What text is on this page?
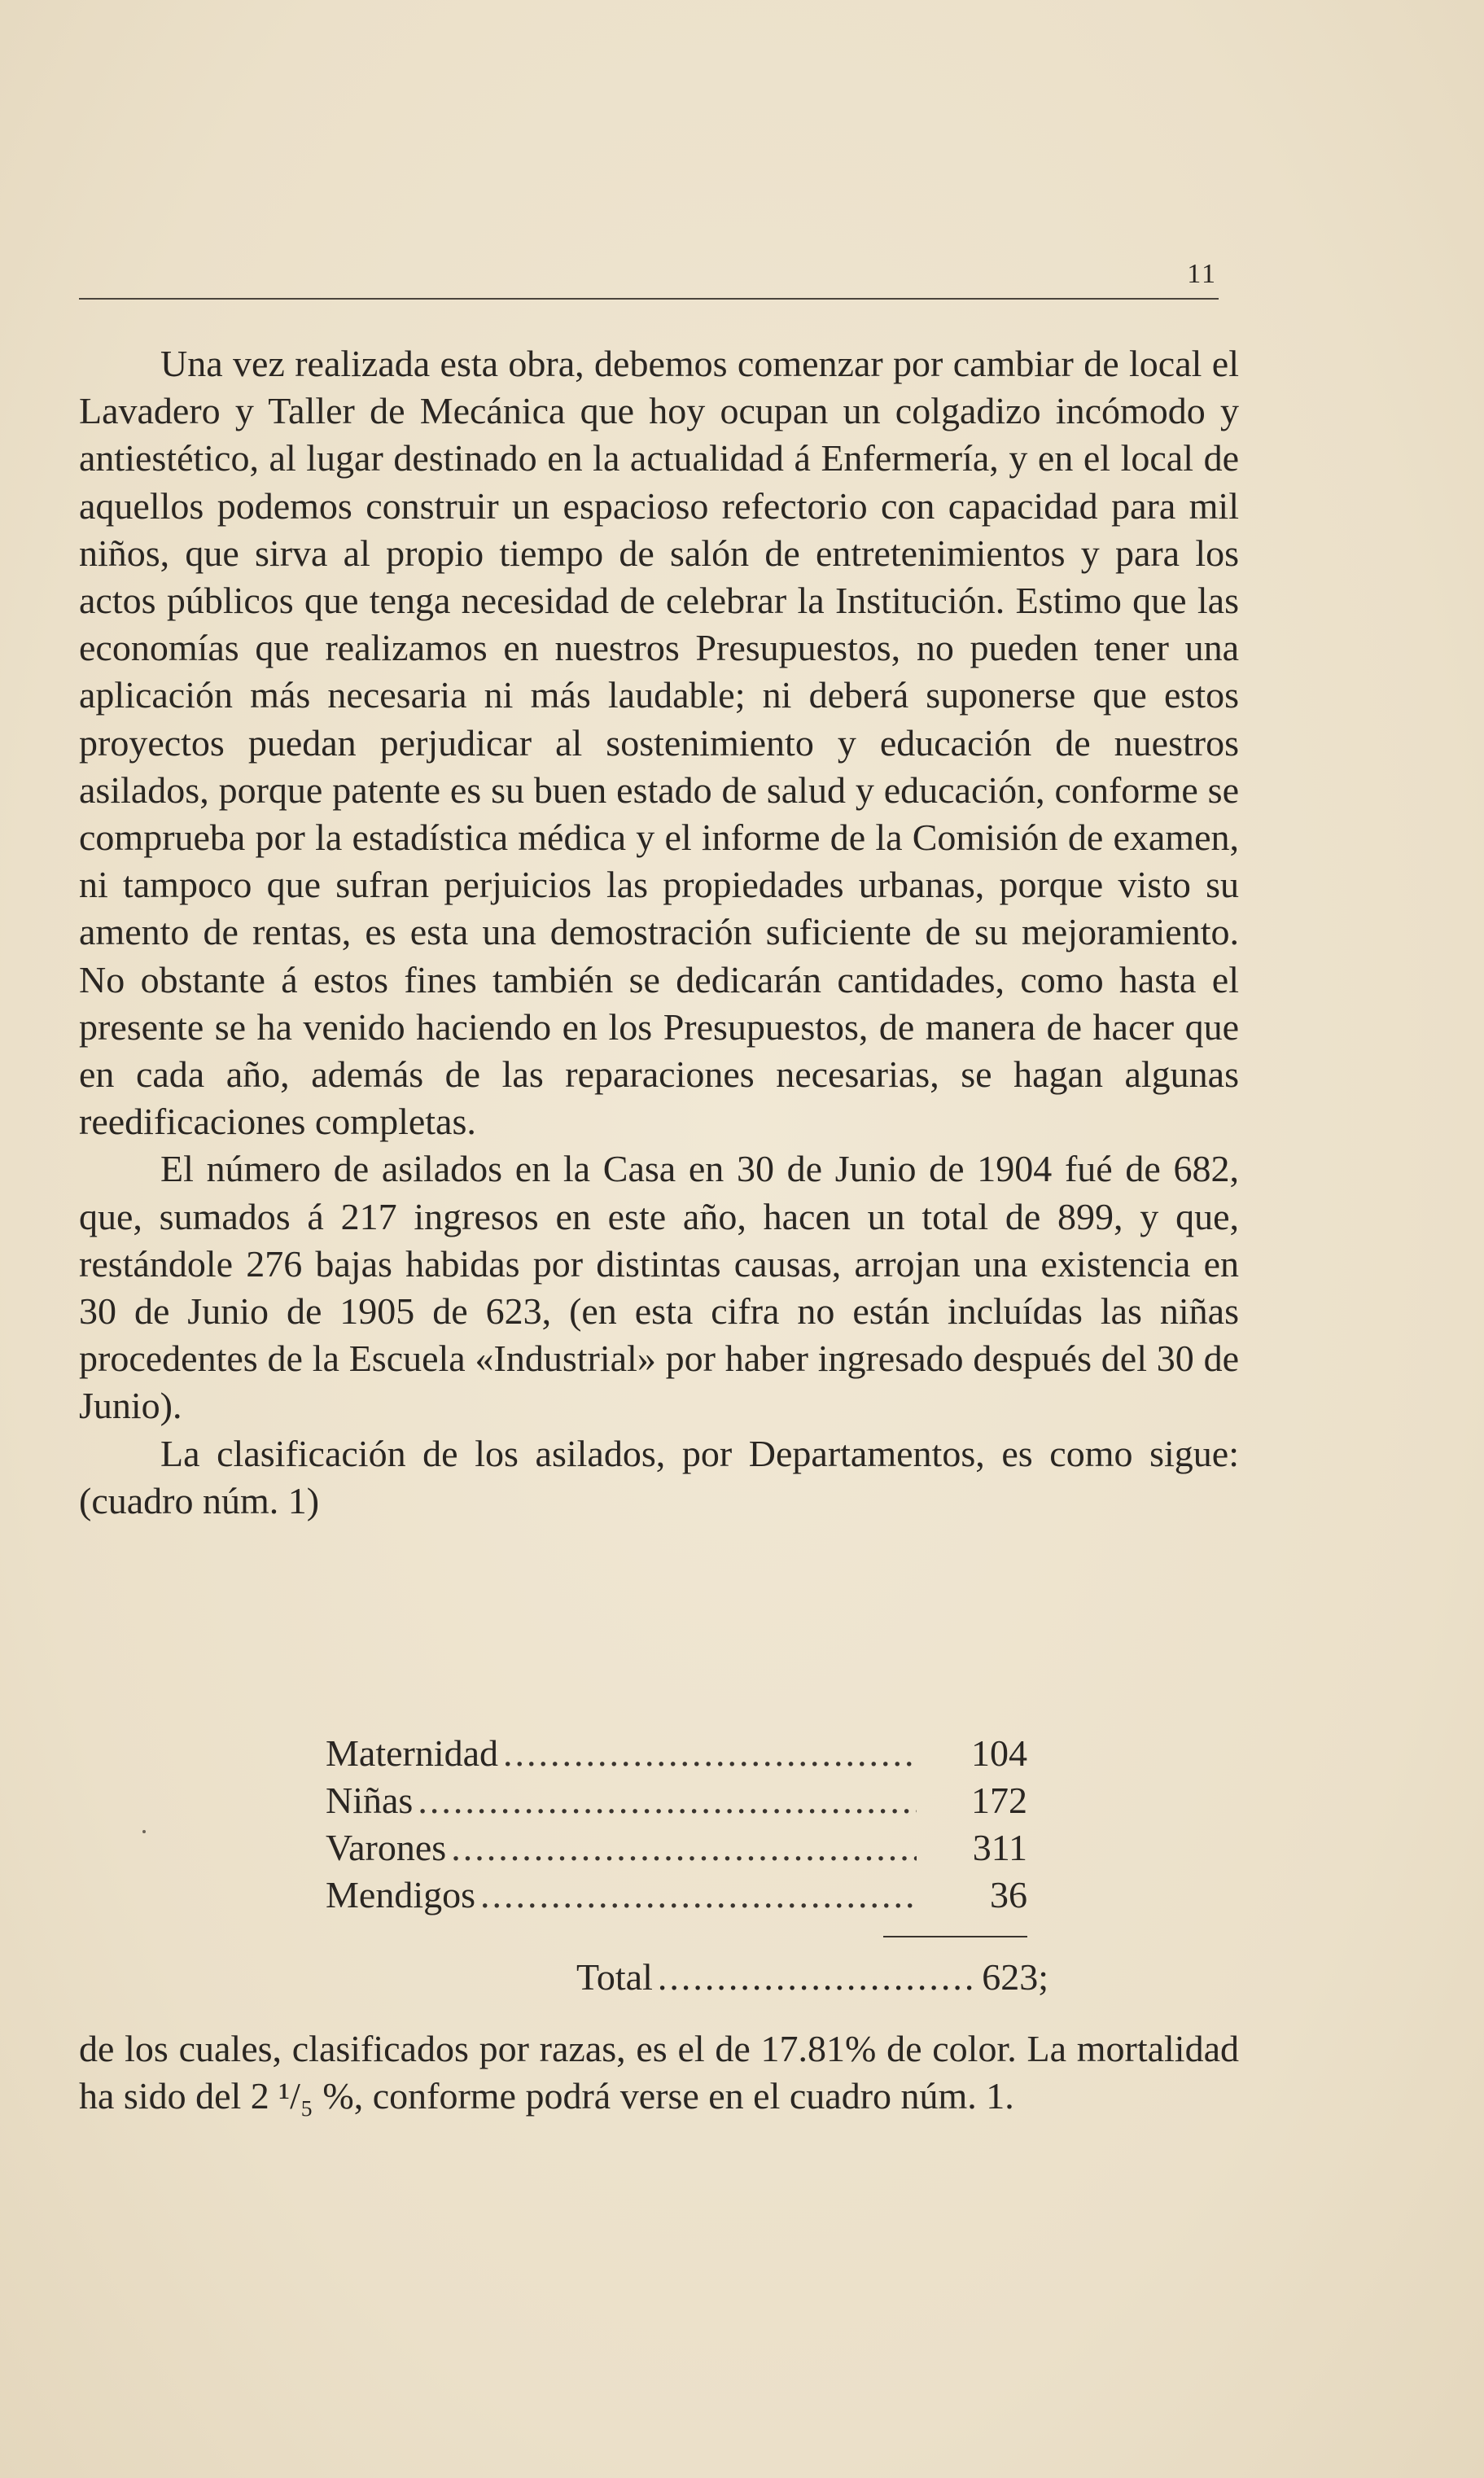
11

Una vez realizada esta obra, debemos comenzar por cambiar de local el Lavadero y Taller de Mecánica que hoy ocupan un colgadizo incómodo y antiestético, al lugar destinado en la actualidad á Enfermería, y en el local de aquellos podemos construir un espacioso refectorio con capacidad para mil niños, que sirva al propio tiempo de salón de entretenimientos y para los actos públicos que tenga necesidad de celebrar la Institución. Estimo que las economías que realizamos en nuestros Presupuestos, no pueden tener una aplicación más necesaria ni más laudable; ni deberá suponerse que estos proyectos puedan perjudicar al sostenimiento y educación de nuestros asilados, porque patente es su buen estado de salud y educación, conforme se comprueba por la estadística médica y el informe de la Comisión de examen, ni tampoco que sufran perjuicios las propiedades urbanas, porque visto su amento de rentas, es esta una demostración suficiente de su mejoramiento. No obstante á estos fines también se dedicarán cantidades, como hasta el presente se ha venido haciendo en los Presupuestos, de manera de hacer que en cada año, además de las reparaciones necesarias, se hagan algunas reedificaciones completas.

El número de asilados en la Casa en 30 de Junio de 1904 fué de 682, que, sumados á 217 ingresos en este año, hacen un total de 899, y que, restándole 276 bajas habidas por distintas causas, arrojan una existencia en 30 de Junio de 1905 de 623, (en esta cifra no están incluídas las niñas procedentes de la Escuela «Industrial» por haber ingresado después del 30 de Junio).

La clasificación de los asilados, por Departamentos, es como sigue: (cuadro núm. 1)

Maternidad .....	104
Niñas .....	172
Varones .....	311
Mendigos .....	36
Total .....	623;

de los cuales, clasificados por razas, es el de 17.81% de color. La mortalidad ha sido del 2 ¹/₅ %, conforme podrá verse en el cuadro núm. 1.
